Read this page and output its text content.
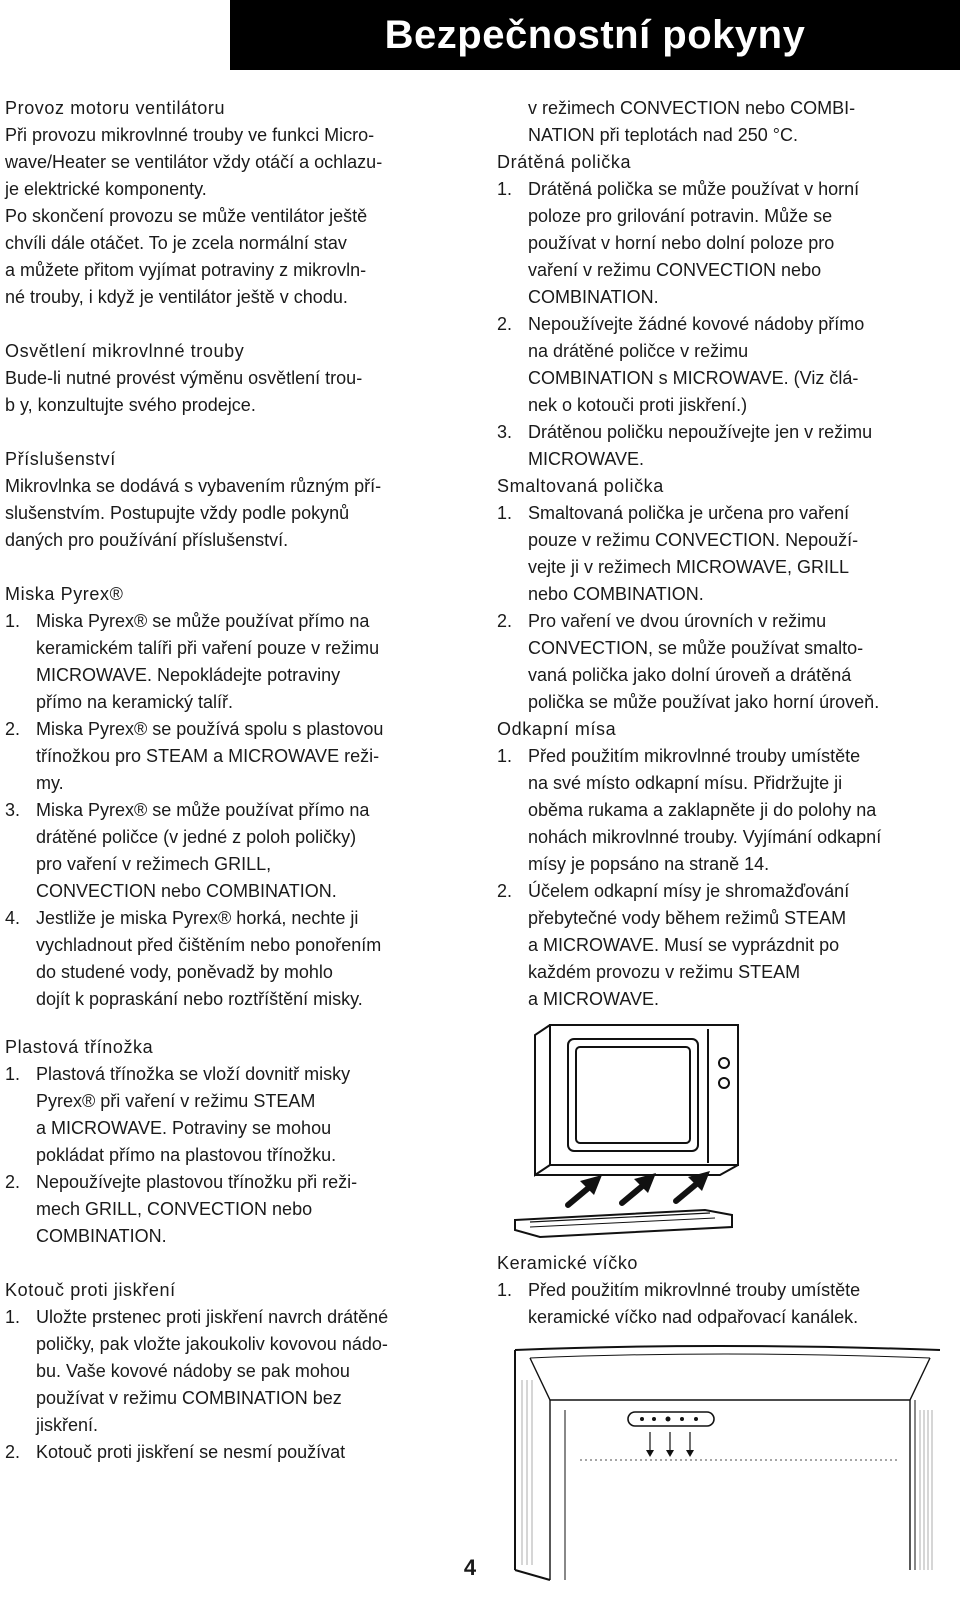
Bezpečnostní pokyny

Provoz motoru ventilátoru

Při provozu mikrovlnné trouby ve funkci Micro-

wave/Heater se ventilátor vždy otáčí a ochlazu-

je elektrické komponenty.

Po skončení provozu se může ventilátor ještě

chvíli dále otáčet. To je zcela normální stav

a můžete přitom vyjímat potraviny z mikrovln-

né trouby, i když je ventilátor ještě v chodu.

Osvětlení mikrovlnné trouby

Bude-li nutné provést výměnu osvětlení trou-

b y, konzultujte svého prodejce.

Příslušenství

Mikrovlnka se dodává s vybavením různým pří-

slušenstvím. Postupujte vždy podle pokynů

daných pro používání příslušenství.

Miska Pyrex®

1. Miska Pyrex® se může používat přímo na
keramickém talíři při vaření pouze v režimu
MICROWAVE. Nepokládejte potraviny
přímo na keramický talíř.
2. Miska Pyrex® se používá spolu s plastovou
třínožkou pro STEAM a MICROWAVE reži-
my.
3. Miska Pyrex® se může používat přímo na
drátěné poličce (v jedné z poloh poličky)
pro vaření v režimech GRILL,
CONVECTION nebo COMBINATION.
4. Jestliže je miska Pyrex® horká, nechte ji
vychladnout před čištěním nebo ponořením
do studené vody, poněvadž by mohlo
dojít k popraskání nebo roztříštění misky.

Plastová třínožka

1. Plastová třínožka se vloží dovnitř misky
Pyrex® při vaření v režimu STEAM
a MICROWAVE. Potraviny se mohou
pokládat přímo na plastovou třínožku.
2. Nepoužívejte plastovou třínožku při reži-
mech GRILL, CONVECTION nebo
COMBINATION.

Kotouč proti jiskření

1. Uložte prstenec proti jiskření navrch drátěné
poličky, pak vložte jakoukoliv kovovou nádo-
bu. Vaše kovové nádoby se pak mohou
používat v režimu COMBINATION bez
jiskření.
2. Kotouč proti jiskření se nesmí používat

v režimech CONVECTION nebo COMBI-

NATION při teplotách nad 250 °C.

Drátěná polička

1. Drátěná polička se může používat v horní
poloze pro grilování potravin. Může se
používat v horní nebo dolní poloze pro
vaření v režimu CONVECTION nebo
COMBINATION.
2. Nepoužívejte žádné kovové nádoby přímo
na drátěné poličce v režimu
COMBINATION s MICROWAVE. (Viz člá-
nek o kotouči proti jiskření.)
3. Drátěnou poličku nepoužívejte jen v režimu
MICROWAVE.

Smaltovaná polička

1. Smaltovaná polička je určena pro vaření
pouze v režimu CONVECTION. Nepouží-
vejte ji v režimech MICROWAVE, GRILL
nebo COMBINATION.
2. Pro vaření ve dvou úrovních v režimu
CONVECTION, se může používat smalto-
vaná polička jako dolní úroveň a drátěná
polička se může používat jako horní úroveň.

Odkapní mísa

1. Před použitím mikrovlnné trouby umístěte
na své místo odkapní mísu. Přidržujte ji
oběma rukama a zaklapněte ji do polohy na
nohách mikrovlnné trouby. Vyjímání odkapní
mísy je popsáno na straně 14.
2. Účelem odkapní mísy je shromažďování
přebytečné vody během režimů STEAM
a MICROWAVE. Musí se vyprázdnit po
každém provozu v režimu STEAM
a MICROWAVE.

Keramické víčko

1. Před použitím mikrovlnné trouby umístěte
keramické víčko nad odpařovací kanálek.
4
